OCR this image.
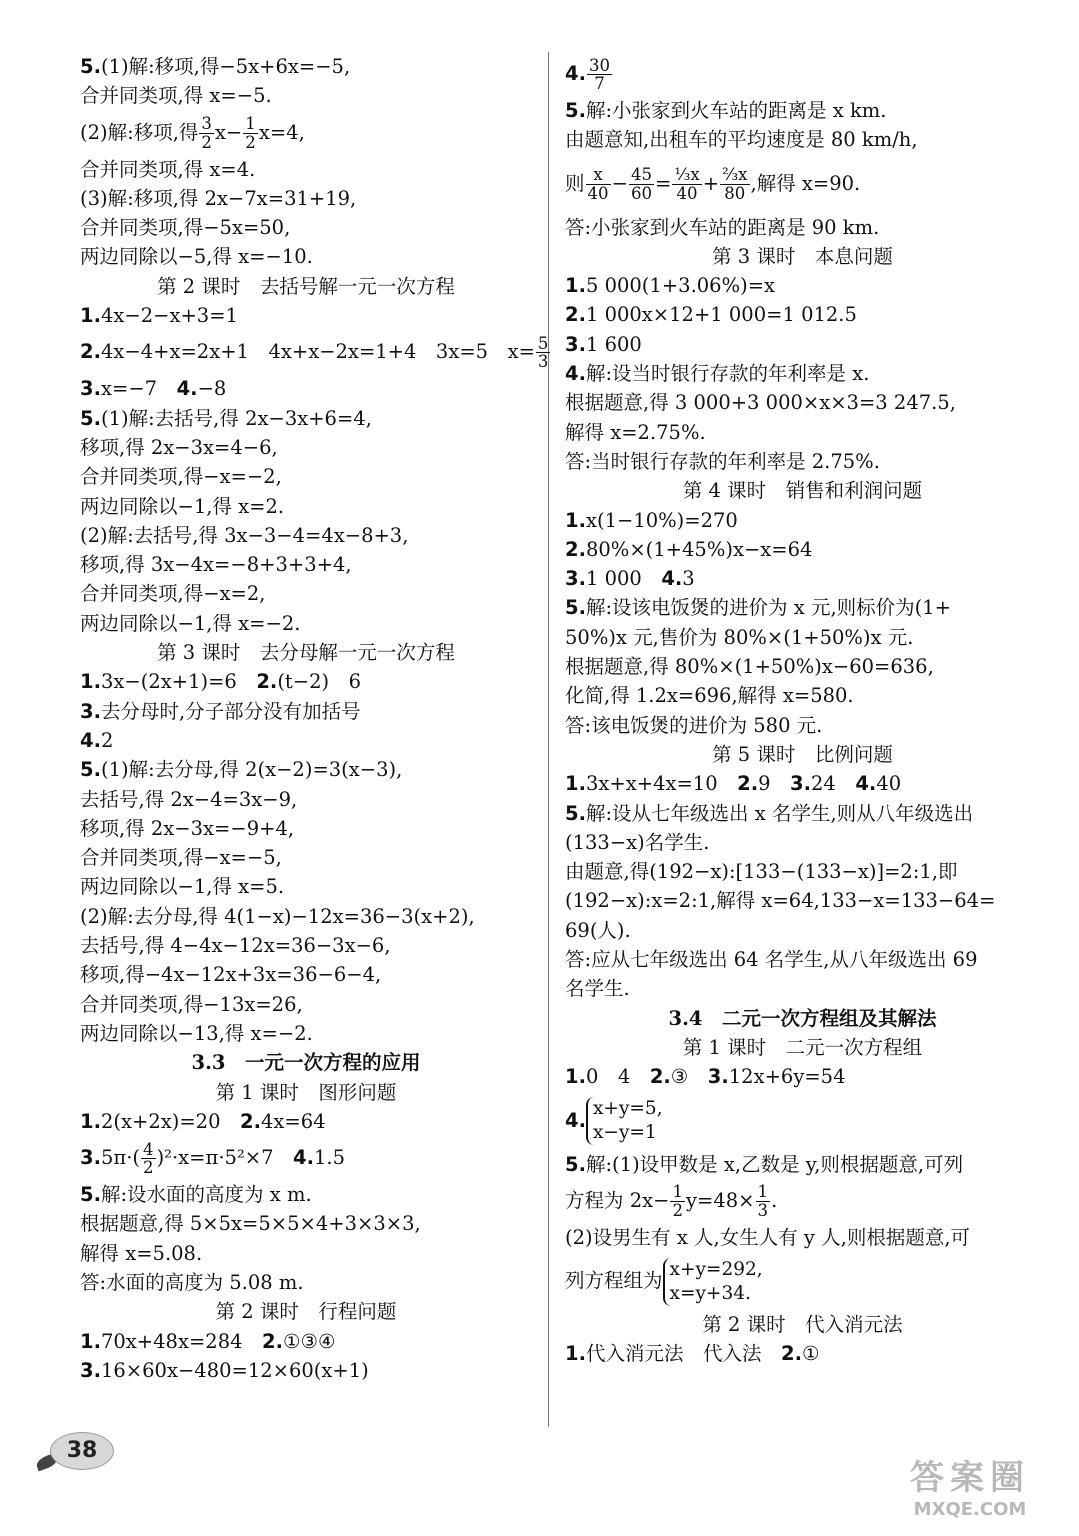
5.(1)解:移项,得−5x+6x=−5,
合并同类项,得 x=−5.
(2)解:移项,得 $\frac{3}{2} x- \frac{1}{2} x=4$,
合并同类项,得 x=4.
(3)解:移项,得 2x−7x=31+19,
合并同类项,得−5x=50,
两边同除以−5,得 x=−10.
第 2 课时　去括号解一元一次方程
1.4x−2−x+3=1
2.4x−4+x=2x+1　4x+x−2x=1+4　3x=5　$x= \frac{5}{3}$
3.x=−7　4.−8
5.(1)解:去括号,得 2x−3x+6=4,
移项,得 2x−3x=4−6,
合并同类项,得−x=−2,
两边同除以−1,得 x=2.
(2)解:去括号,得 3x−3−4=4x−8+3,
移项,得 3x−4x=−8+3+3+4,
合并同类项,得−x=2,
两边同除以−1,得 x=−2.
第 3 课时　去分母解一元一次方程
1.3x−(2x+1)=6　2.(t−2)　6
3.去分母时,分子部分没有加括号
4.2
5.(1)解:去分母,得 2(x−2)=3(x−3),
去括号,得 2x−4=3x−9,
移项,得 2x−3x=−9+4,
合并同类项,得−x=−5,
两边同除以−1,得 x=5.
(2)解:去分母,得 4(1−x)−12x=36−3(x+2),
去括号,得 4−4x−12x=36−3x−6,
移项,得−4x−12x+3x=36−6−4,
合并同类项,得−13x=26,
两边同除以−13,得 x=−2.
3.3　一元一次方程的应用
第 1 课时　图形问题
1.2(x+2x)=20　2.4x=64
$3.5\pi\cdot( \frac{4}{2} )^2\cdot x=\pi\cdot 5^2\times 7$　4.1.5
5.解:设水面的高度为 x m.
根据题意,得 5×5x=5×5×4+3×3×3,
解得 x=5.08.
答:水面的高度为 5.08 m.
第 2 课时　行程问题
1.70x+48x=284　2.①③④
3.16×60x−480=12×60(x+1)
4. $\frac{30}{7}$
5.解:小张家到火车站的距离是 x km.
由题意知,出租车的平均速度是 80 km/h,
则 $\frac{x}{40} - \frac{45}{60} = \frac{\text{⅓x}}{40} + \frac{\text{⅔x}}{80}$ ,解得 x=90.
答:小张家到火车站的距离是 90 km.
第 3 课时　本息问题
1.5 000(1+3.06%)=x
2.1 000x×12+1 000=1 012.5
3.1 600
4.解:设当时银行存款的年利率是 x.
根据题意,得 3 000+3 000×x×3=3 247.5,
解得 x=2.75%.
答:当时银行存款的年利率是 2.75%.
第 4 课时　销售和利润问题
1.x(1−10%)=270
2.80%×(1+45%)x−x=64
3.1 000　4.3
5.解:设该电饭煲的进价为 x 元,则标价为(1+
50%)x 元,售价为 80%×(1+50%)x 元.
根据题意,得 80%×(1+50%)x−60=636,
化简,得 1.2x=696,解得 x=580.
答:该电饭煲的进价为 580 元.
第 5 课时　比例问题
1.3x+x+4x=10　2.9　3.24　4.40
5.解:设从七年级选出 x 名学生,则从八年级选出
(133−x)名学生.
由题意,得(192−x):[133−(133−x)]=2:1,即
(192−x):x=2:1,解得 x=64,133−x=133−64=
69(人).
答:应从七年级选出 64 名学生,从八年级选出 69
名学生.
3.4　二元一次方程组及其解法
第 1 课时　二元一次方程组
1.0　4　2.③　3.12x+6y=54
4.
x+y=5,
x−y=1
5.解:(1)设甲数是 x,乙数是 y,则根据题意,可列
方程为 $2x- \frac{1}{2} y=48\times \frac{1}{3}$ .
(2)设男生有 x 人,女生人有 y 人,则根据题意,可
列方程组为
x+y=292,
x=y+34.
第 2 课时　代入消元法
1.代入消元法　代入法　2.①
38
答案圈
MXQE.COM
